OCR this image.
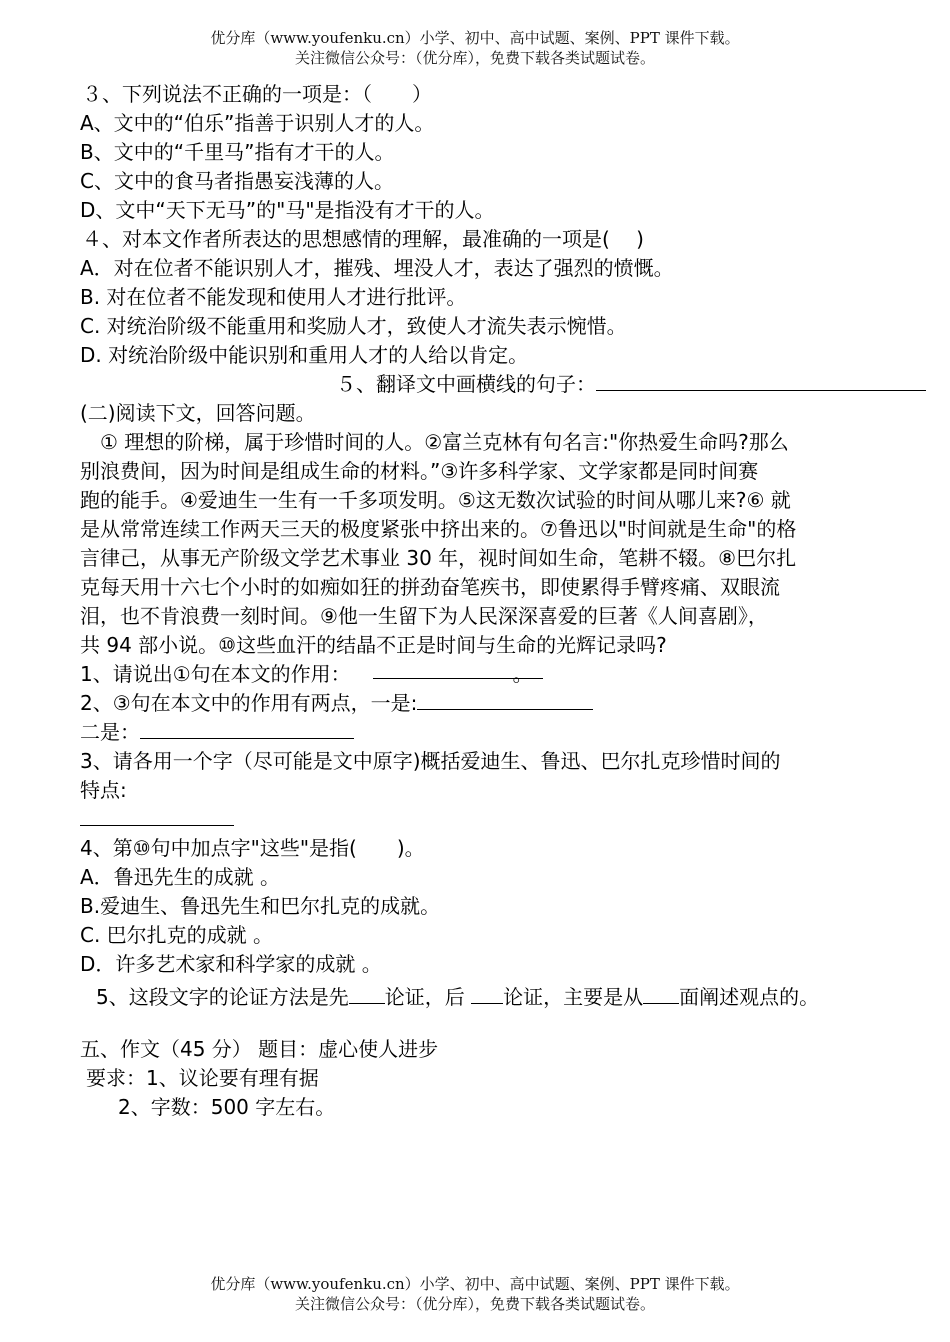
优分库（www.youfenku.cn）小学、初中、高中试题、案例、PPT 课件下载。
关注微信公众号：（优分库），免费下载各类试题试卷。
３、下列说法不正确的一项是：（　　）
A、文中的“伯乐”指善于识别人才的人。
B、文中的“千里马”指有才干的人。
C、文中的食马者指愚妄浅薄的人。
D、文中“天下无马”的"马"是指没有才干的人。
４、对本文作者所表达的思想感情的理解，最准确的一项是(　 )
A．对在位者不能识别人才，摧残、埋没人才，表达了强烈的愤慨。
B. 对在位者不能发现和使用人才进行批评。
C. 对统治阶级不能重用和奖励人才，致使人才流失表示惋惜。
D. 对统治阶级中能识别和重用人才的人给以肯定。
５、翻译文中画横线的句子：
(二)阅读下文，回答问题。
　① 理想的阶梯，属于珍惜时间的人。②富兰克林有句名言:"你热爱生命吗?那么
别浪费间，因为时间是组成生命的材料。”③许多科学家、文学家都是同时间赛
跑的能手。④爱迪生一生有一千多项发明。⑤这无数次试验的时间从哪儿来?⑥ 就
是从常常连续工作两天三天的极度紧张中挤出来的。⑦鲁迅以"时间就是生命"的格
言律己，从事无产阶级文学艺术事业 30 年，视时间如生命，笔耕不辍。⑧巴尔扎
克每天用十六七个小时的如痴如狂的拼劲奋笔疾书，即使累得手臂疼痛、双眼流
泪，也不肯浪费一刻时间。⑨他一生留下为人民深深喜爱的巨著《人间喜剧》，
共 94 部小说。⑩这些血汗的结晶不正是时间与生命的光辉记录吗?
1、请说出①句在本文的作用：	。 
2、③句在本文中的作用有两点，一是:
二是：
3、请各用一个字（尽可能是文中原字)概括爱迪生、鲁迅、巴尔扎克珍惜时间的
特点:
4、第⑩句中加点字"这些"是指(　　)。
A．鲁迅先生的成就 。
B.爱迪生、鲁迅先生和巴尔扎克的成就。
C. 巴尔扎克的成就 。
D．许多艺术家和科学家的成就 。
5、这段文字的论证方法是先 论证，后 论证，主要是从 面阐述观点的。
五、作文（45 分） 题目：虚心使人进步
要求：1、议论要有理有据
2、字数：500 字左右。
优分库（www.youfenku.cn）小学、初中、高中试题、案例、PPT 课件下载。
关注微信公众号：（优分库），免费下载各类试题试卷。
